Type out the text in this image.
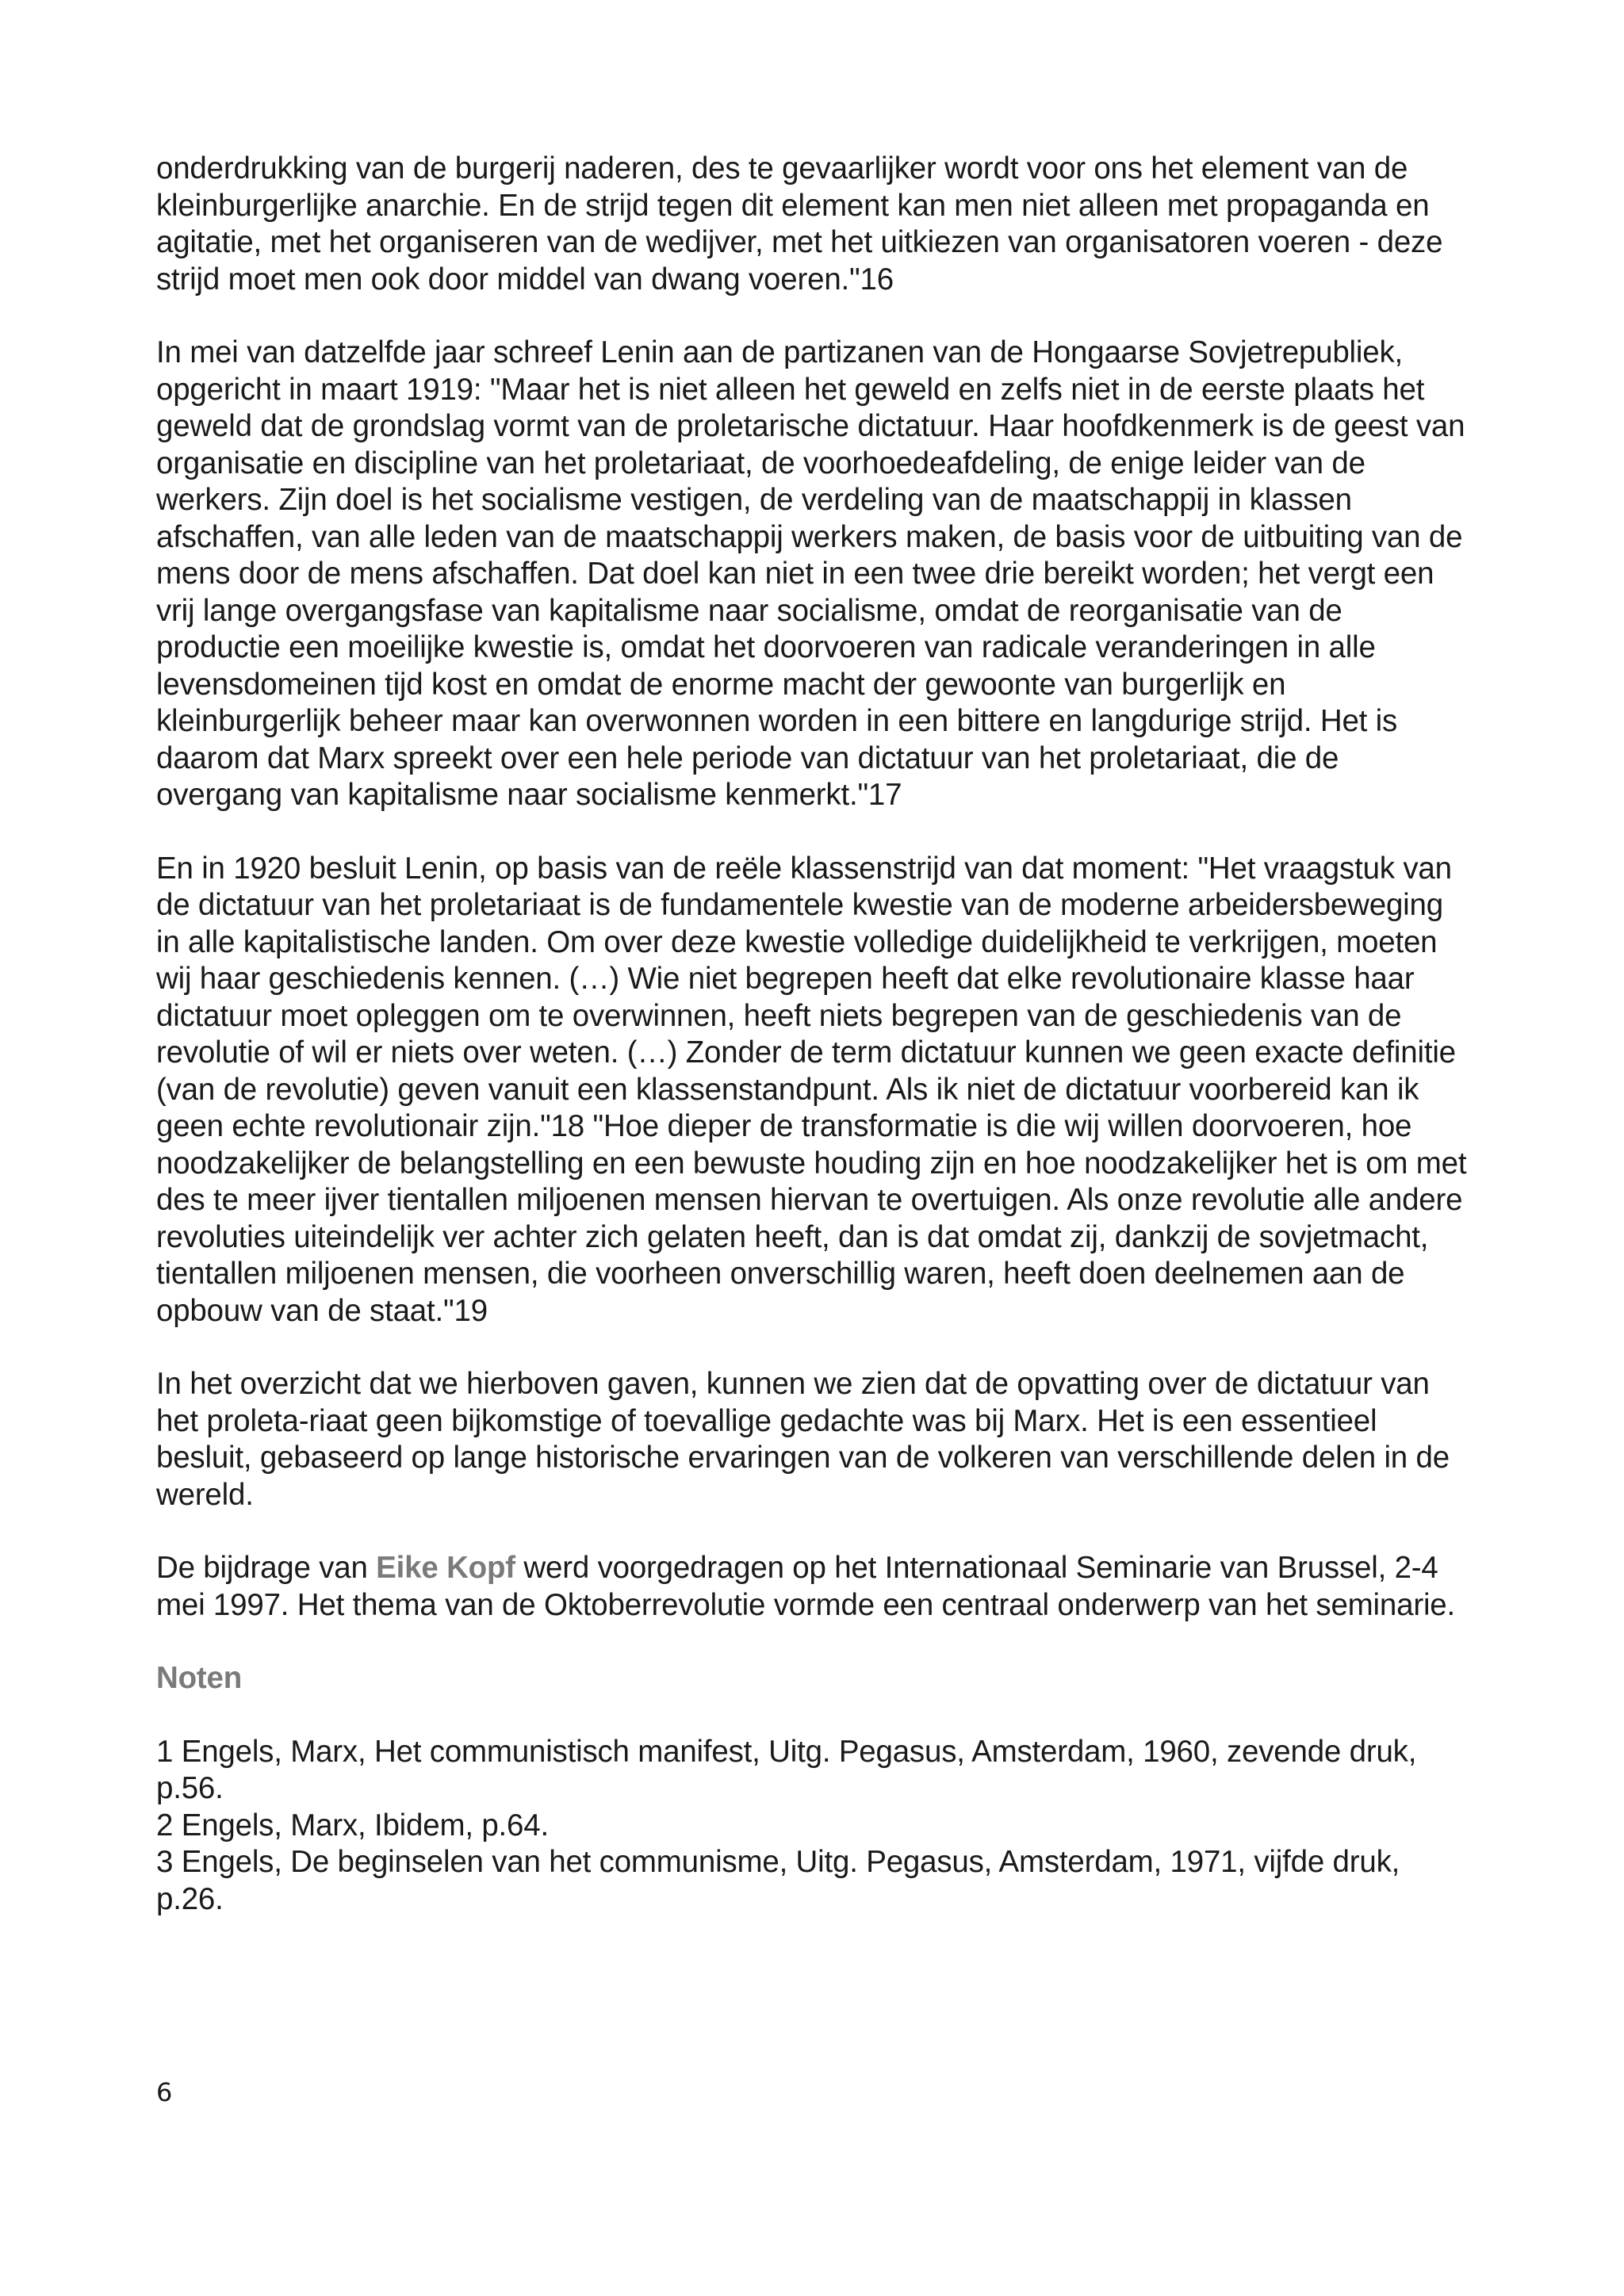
onderdrukking van de burgerij naderen, des te gevaarlijker wordt voor ons het element van de kleinburgerlijke anarchie. En de strijd tegen dit element kan men niet alleen met propaganda en agitatie, met het organiseren van de wedijver, met het uitkiezen van organisatoren voeren - deze strijd moet men ook door middel van dwang voeren."16

In mei van datzelfde jaar schreef Lenin aan de partizanen van de Hongaarse Sovjetrepubliek, opgericht in maart 1919: "Maar het is niet alleen het geweld en zelfs niet in de eerste plaats het geweld dat de grondslag vormt van de proletarische dictatuur. Haar hoofdkenmerk is de geest van organisatie en discipline van het proletariaat, de voorhoedeafdeling, de enige leider van de werkers. Zijn doel is het socialisme vestigen, de verdeling van de maatschappij in klassen afschaffen, van alle leden van de maatschappij werkers maken, de basis voor de uitbuiting van de mens door de mens afschaffen. Dat doel kan niet in een twee drie bereikt worden; het vergt een vrij lange overgangsfase van kapitalisme naar socialisme, omdat de reorganisatie van de productie een moeilijke kwestie is, omdat het doorvoeren van radicale veranderingen in alle levensdomeinen tijd kost en omdat de enorme macht der gewoonte van burgerlijk en kleinburgerlijk beheer maar kan overwonnen worden in een bittere en langdurige strijd. Het is daarom dat Marx spreekt over een hele periode van dictatuur van het proletariaat, die de overgang van kapitalisme naar socialisme kenmerkt."17

En in 1920 besluit Lenin, op basis van de reële klassenstrijd van dat moment: "Het vraagstuk van de dictatuur van het proletariaat is de fundamentele kwestie van de moderne arbeidersbeweging in alle kapitalistische landen. Om over deze kwestie volledige duidelijkheid te verkrijgen, moeten wij haar geschiedenis kennen. (…) Wie niet begrepen heeft dat elke revolutionaire klasse haar dictatuur moet opleggen om te overwinnen, heeft niets begrepen van de geschiedenis van de revolutie of wil er niets over weten. (…) Zonder de term dictatuur kunnen we geen exacte definitie (van de revolutie) geven vanuit een klassenstandpunt. Als ik niet de dictatuur voorbereid kan ik geen echte revolutionair zijn."18 "Hoe dieper de transformatie is die wij willen doorvoeren, hoe noodzakelijker de belangstelling en een bewuste houding zijn en hoe noodzakelijker het is om met des te meer ijver tientallen miljoenen mensen hiervan te overtuigen. Als onze revolutie alle andere revoluties uiteindelijk ver achter zich gelaten heeft, dan is dat omdat zij, dankzij de sovjetmacht, tientallen miljoenen mensen, die voorheen onverschillig waren, heeft doen deelnemen aan de opbouw van de staat."19

In het overzicht dat we hierboven gaven, kunnen we zien dat de opvatting over de dictatuur van het proleta-riaat geen bijkomstige of toevallige gedachte was bij Marx. Het is een essentieel besluit, gebaseerd op lange historische ervaringen van de volkeren van verschillende delen in de wereld.

De bijdrage van Eike Kopf werd voorgedragen op het Internationaal Seminarie van Brussel, 2-4 mei 1997. Het thema van de Oktoberrevolutie vormde een centraal onderwerp van het seminarie.

Noten

1 Engels, Marx, Het communistisch manifest, Uitg. Pegasus, Amsterdam, 1960, zevende druk, p.56.

2 Engels, Marx, Ibidem, p.64.

3 Engels, De beginselen van het communisme, Uitg. Pegasus, Amsterdam, 1971, vijfde druk, p.26.

6
